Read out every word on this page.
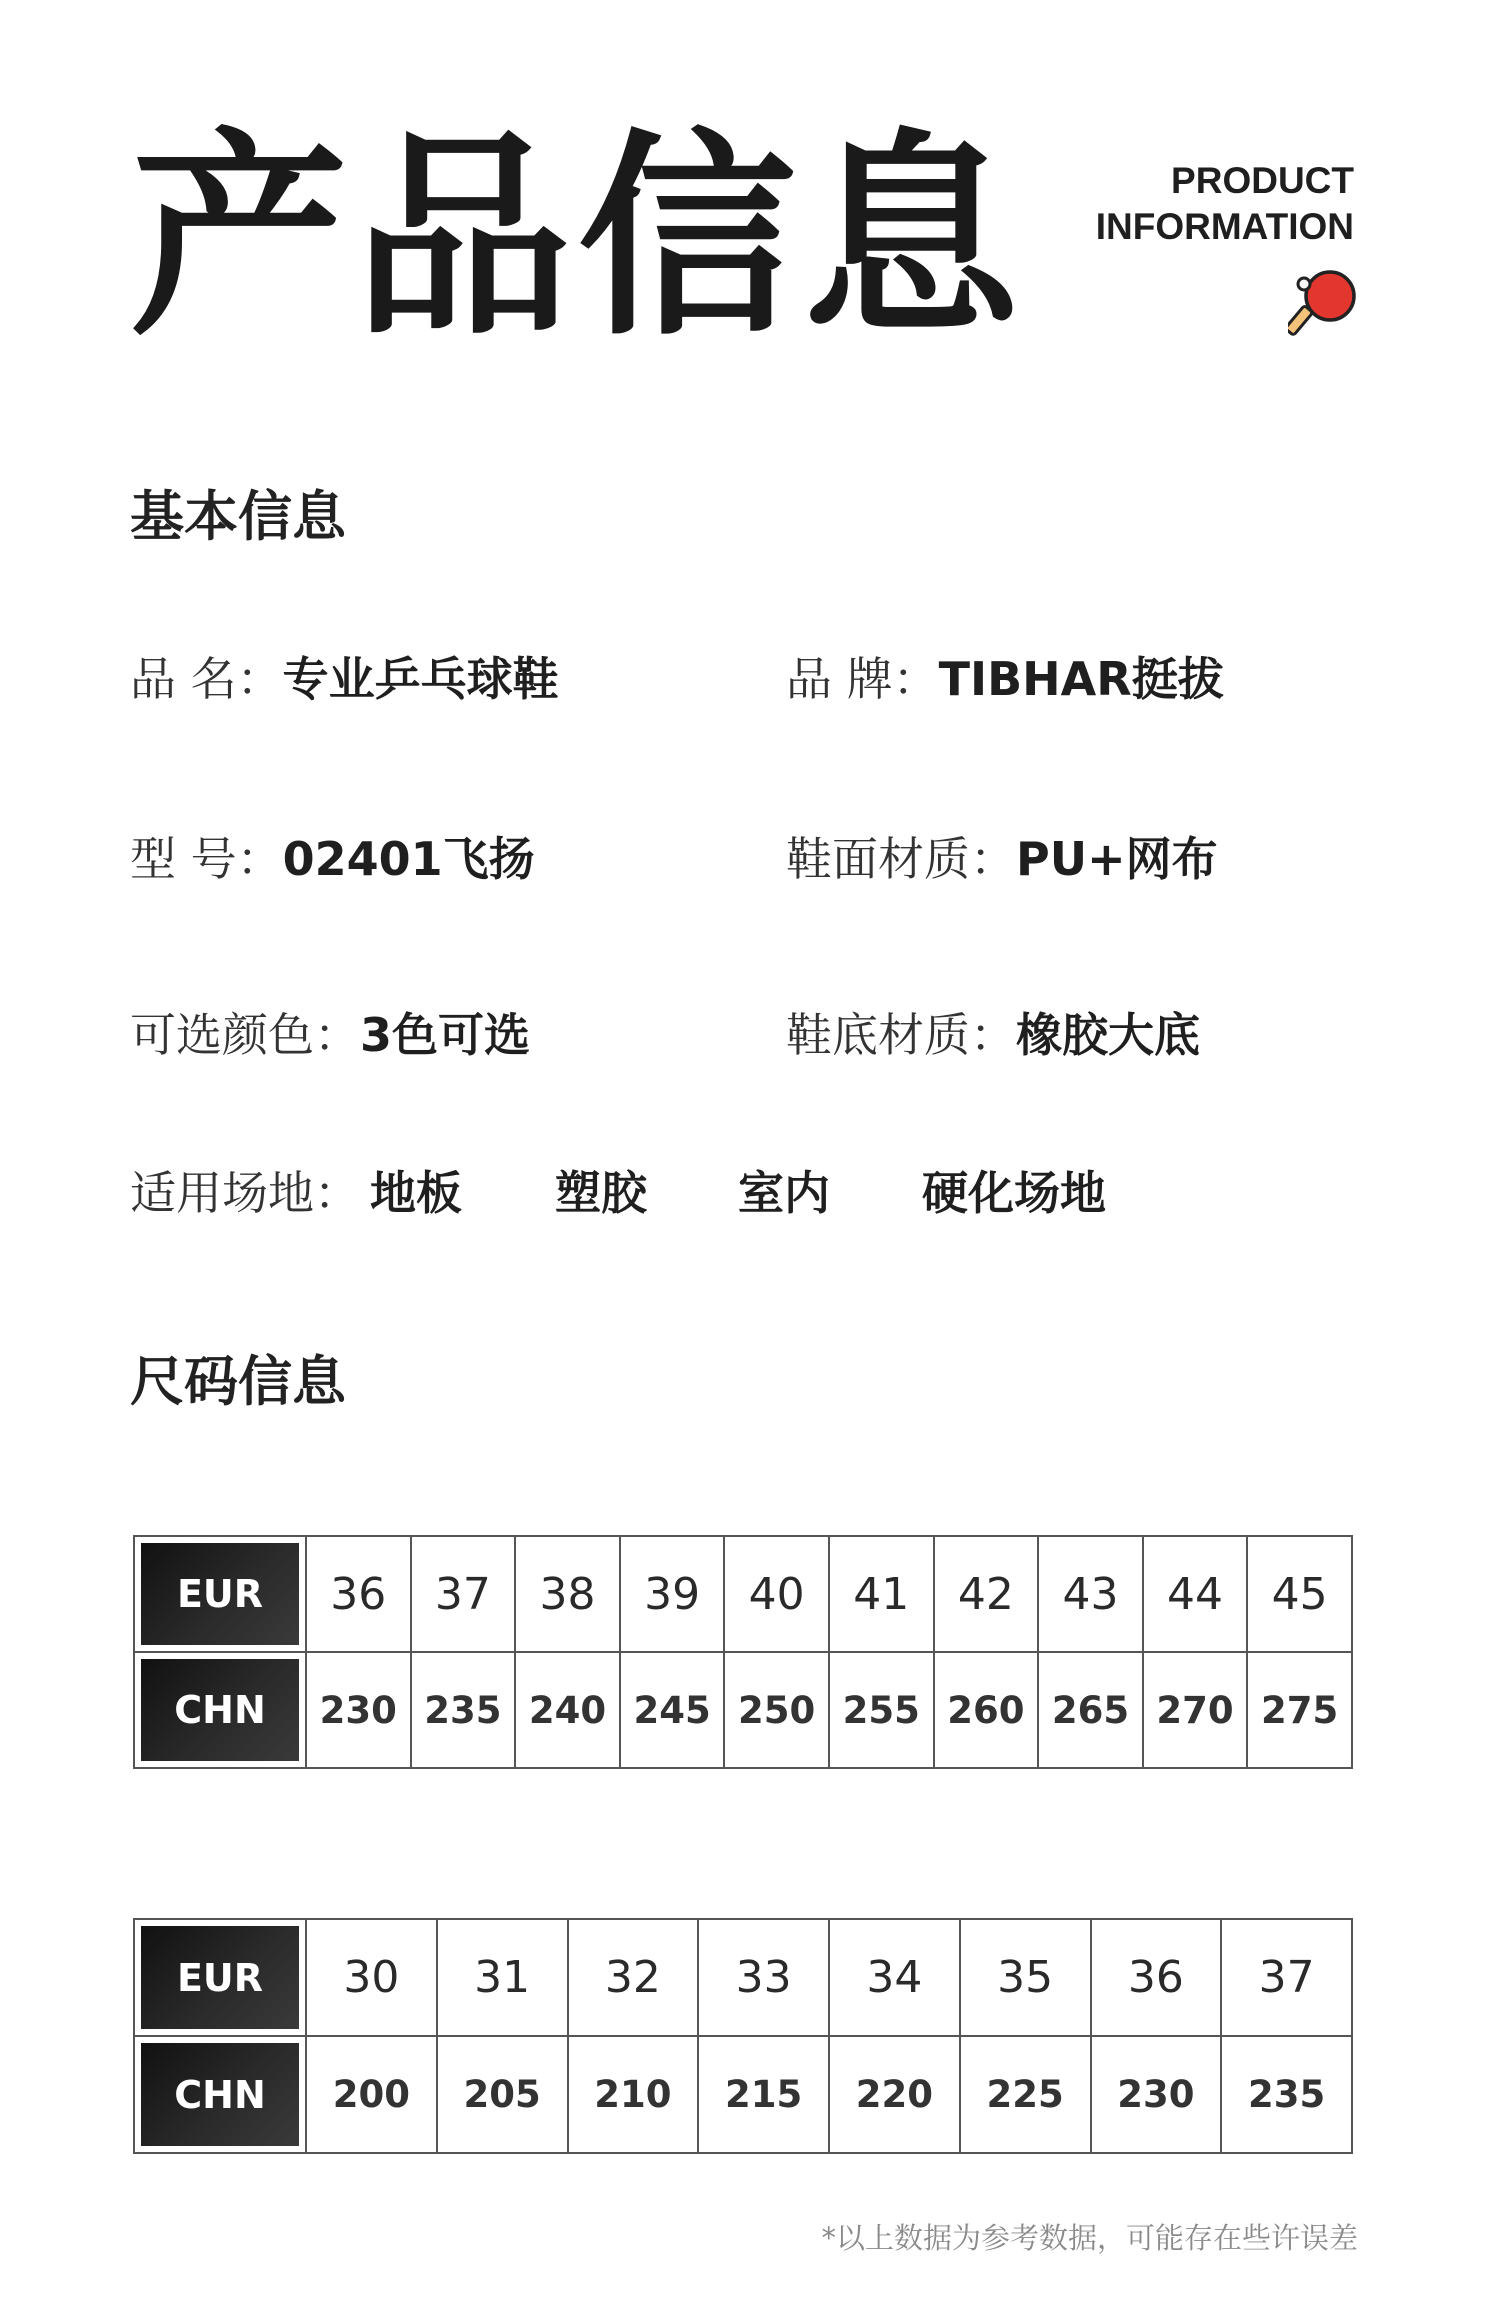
产品信息	PRODUCT
INFORMATION
基本信息
品 名：专业乒乓球鞋	品 牌：TIBHAR挺拔
型 号：02401飞扬	鞋面材质：PU+网布
可选颜色：3色可选	鞋底材质：橡胶大底
适用场地： 地板 塑胶 室内 硬化场地
尺码信息
EUR	36	37	38	39	40	41	42	43	44	45

CHN	230	235	240	245	250	255	260	265	270	275
EUR	30	31	32	33	34	35	36	37

CHN	200	205	210	215	220	225	230	235
*以上数据为参考数据，可能存在些许误差
